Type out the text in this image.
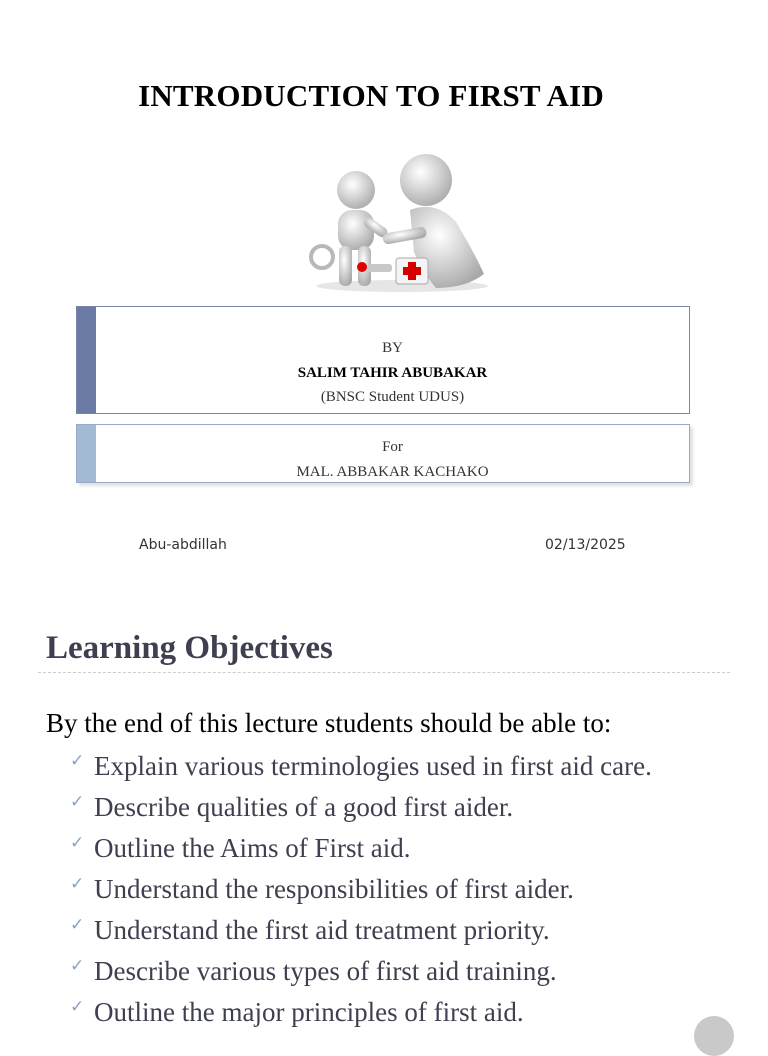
INTRODUCTION TO FIRST AID
BY
SALIM TAHIR ABUBAKAR
(BNSC Student UDUS)
For
MAL. ABBAKAR KACHAKO
Abu-abdillah	02/13/2025
Learning Objectives
By the end of this lecture students should be able to:
✓ Explain various terminologies used in first aid care.
✓ Describe qualities of a good first aider.
✓ Outline the Aims of First aid.
✓ Understand the responsibilities of first aider.
✓ Understand the first aid treatment priority.
✓ Describe various types of first aid training.
✓ Outline the major principles of first aid.
